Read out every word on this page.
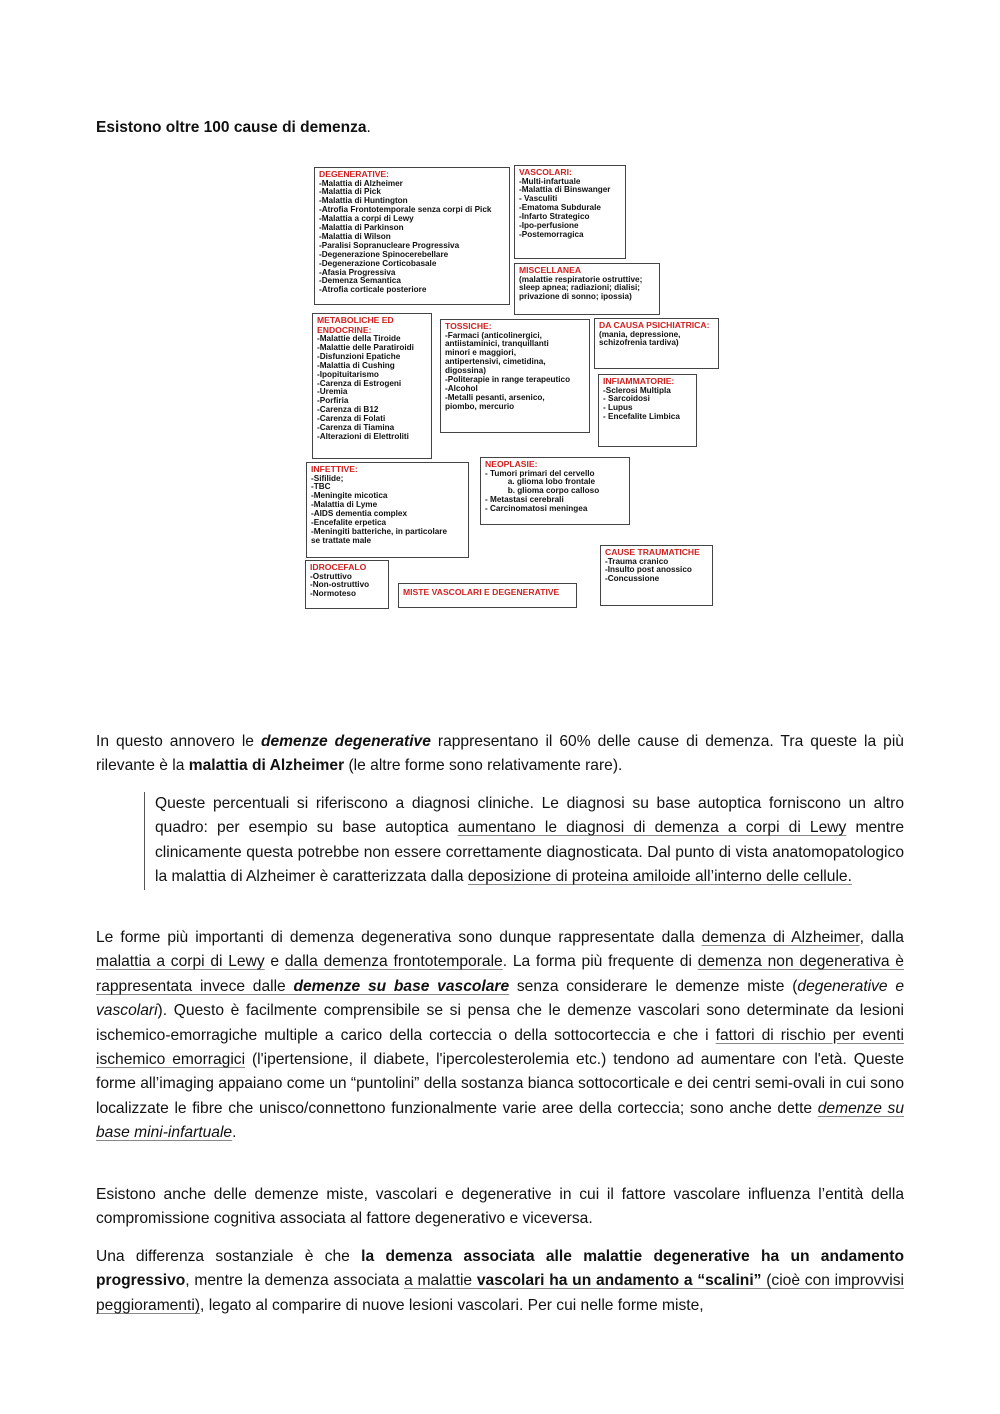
Esistono oltre 100 cause di demenza.

DEGENERATIVE:
-Malattia di Alzheimer
-Malattia di Pick
-Malattia di Huntington
-Atrofia Frontotemporale senza corpi di Pick
-Malattia a corpi di Lewy
-Malattia di Parkinson
-Malattia di Wilson
-Paralisi Sopranucleare Progressiva
-Degenerazione Spinocerebellare
-Degenerazione Corticobasale
-Afasia Progressiva
-Demenza Semantica
-Atrofia corticale posteriore
VASCOLARI:
-Multi-infartuale
-Malattia di Binswanger
- Vasculiti
-Ematoma Subdurale
-Infarto Strategico
-Ipo-perfusione
-Postemorragica
MISCELLANEA
(malattie respiratorie ostruttive;
sleep apnea; radiazioni; dialisi;
privazione di sonno; ipossia)
METABOLICHE ED ENDOCRINE:
-Malattie della Tiroide
-Malattie delle Paratiroidi
-Disfunzioni Epatiche
-Malattia di Cushing
-Ipopituitarismo
-Carenza di Estrogeni
-Uremia
-Porfiria
-Carenza di B12
-Carenza di Folati
-Carenza di Tiamina
-Alterazioni di Elettroliti
TOSSICHE:
-Farmaci (anticolinergici,
antiistaminici, tranquillanti
minori e maggiori,
antipertensivi, cimetidina,
digossina)
-Politerapie in range terapeutico
-Alcohol
-Metalli pesanti, arsenico,
piombo, mercurio
DA CAUSA PSICHIATRICA:
(mania, depressione,
schizofrenia tardiva)
INFIAMMATORIE:
-Sclerosi Multipla
- Sarcoidosi
- Lupus
- Encefalite Limbica
INFETTIVE:
-Sifilide;
-TBC
-Meningite micotica
-Malattia di Lyme
-AIDS dementia complex
-Encefalite erpetica
-Meningiti batteriche, in particolare
se trattate male
NEOPLASIE:
- Tumori primari del cervello
a. glioma lobo frontale
b. glioma corpo calloso
- Metastasi cerebrali
- Carcinomatosi meningea
IDROCEFALO
-Ostruttivo
-Non-ostruttivo
-Normoteso	MISTE VASCOLARI E DEGENERATIVE
CAUSE TRAUMATICHE
-Trauma cranico
-Insulto post anossico
-Concussione

In questo annovero le demenze degenerative rappresentano il 60% delle cause di demenza. Tra queste la più rilevante è la malattia di Alzheimer (le altre forme sono relativamente rare).

Queste percentuali si riferiscono a diagnosi cliniche. Le diagnosi su base autoptica forniscono un altro quadro: per esempio su base autoptica aumentano le diagnosi di demenza a corpi di Lewy mentre clinicamente questa potrebbe non essere correttamente diagnosticata. Dal punto di vista anatomopatologico la malattia di Alzheimer è caratterizzata dalla deposizione di proteina amiloide all’interno delle cellule.

Le forme più importanti di demenza degenerativa sono dunque rappresentate dalla demenza di Alzheimer, dalla malattia a corpi di Lewy e dalla demenza frontotemporale. La forma più frequente di demenza non degenerativa è rappresentata invece dalle demenze su base vascolare senza considerare le demenze miste (degenerative e vascolari). Questo è facilmente comprensibile se si pensa che le demenze vascolari sono determinate da lesioni ischemico-emorragiche multiple a carico della corteccia o della sottocorteccia e che i fattori di rischio per eventi ischemico emorragici (l'ipertensione, il diabete, l'ipercolesterolemia etc.) tendono ad aumentare con l'età. Queste forme all’imaging appaiano come un “puntolini” della sostanza bianca sottocorticale e dei centri semi-ovali in cui sono localizzate le fibre che unisco/connettono funzionalmente varie aree della corteccia; sono anche dette demenze su base mini-infartuale.

Esistono anche delle demenze miste, vascolari e degenerative in cui il fattore vascolare influenza l’entità della compromissione cognitiva associata al fattore degenerativo e viceversa.

Una differenza sostanziale è che la demenza associata alle malattie degenerative ha un andamento progressivo, mentre la demenza associata a malattie vascolari ha un andamento a “scalini” (cioè con improvvisi peggioramenti), legato al comparire di nuove lesioni vascolari. Per cui nelle forme miste,
